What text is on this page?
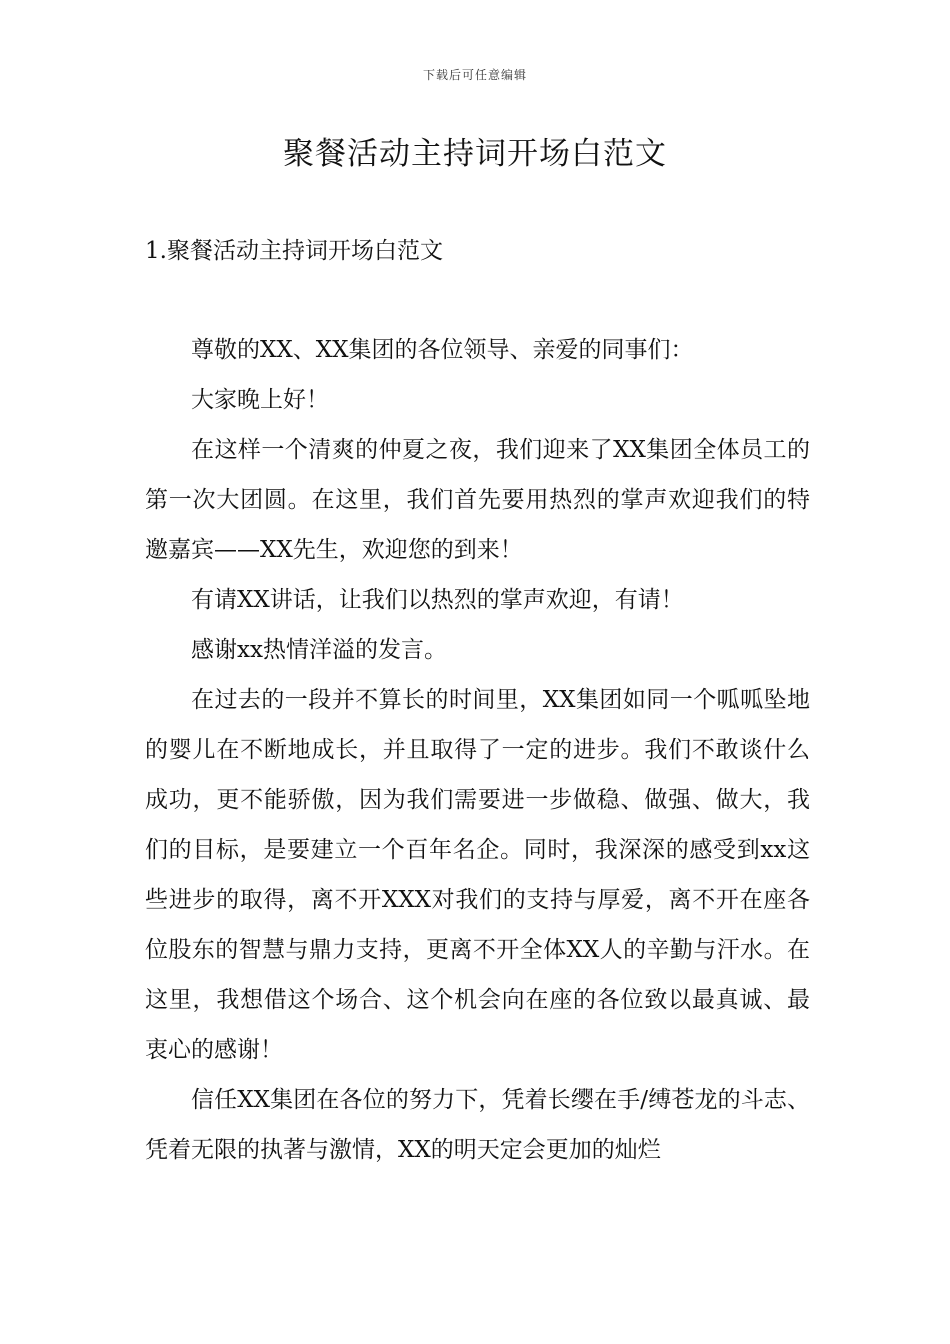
下载后可任意编辑
聚餐活动主持词开场白范文
1.聚餐活动主持词开场白范文

尊敬的XX、XX集团的各位领导、亲爱的同事们：

大家晚上好！

在这样一个清爽的仲夏之夜，我们迎来了XX集团全体员工的第一次大团圆。在这里，我们首先要用热烈的掌声欢迎我们的特邀嘉宾——XX先生，欢迎您的到来！

有请XX讲话，让我们以热烈的掌声欢迎，有请！

感谢xx热情洋溢的发言。

在过去的一段并不算长的时间里，XX集团如同一个呱呱坠地的婴儿在不断地成长，并且取得了一定的进步。我们不敢谈什么成功，更不能骄傲，因为我们需要进一步做稳、做强、做大，我们的目标，是要建立一个百年名企。同时，我深深的感受到xx这些进步的取得，离不开XXX对我们的支持与厚爱，离不开在座各位股东的智慧与鼎力支持，更离不开全体XX人的辛勤与汗水。在这里，我想借这个场合、这个机会向在座的各位致以最真诚、最衷心的感谢！

信任XX集团在各位的努力下，凭着长缨在手/缚苍龙的斗志、凭着无限的执著与激情，XX的明天定会更加的灿烂
